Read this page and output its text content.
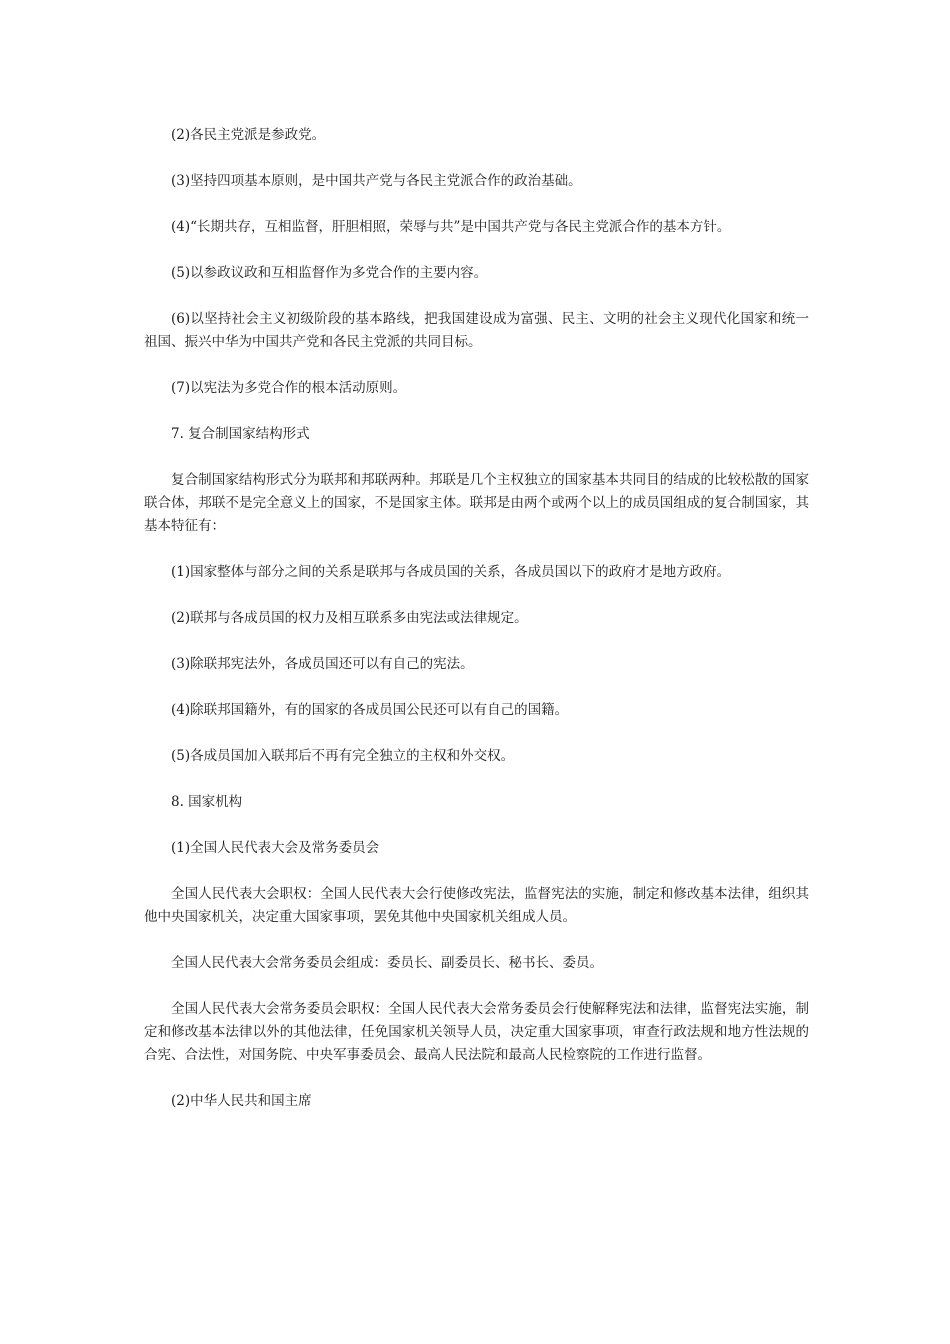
(2)各民主党派是参政党。

(3)坚持四项基本原则，是中国共产党与各民主党派合作的政治基础。

(4)“长期共存，互相监督，肝胆相照，荣辱与共”是中国共产党与各民主党派合作的基本方针。

(5)以参政议政和互相监督作为多党合作的主要内容。

(6)以坚持社会主义初级阶段的基本路线，把我国建设成为富强、民主、文明的社会主义现代化国家和统一祖国、振兴中华为中国共产党和各民主党派的共同目标。

(7)以宪法为多党合作的根本活动原则。

7. 复合制国家结构形式

复合制国家结构形式分为联邦和邦联两种。邦联是几个主权独立的国家基本共同目的结成的比较松散的国家联合体，邦联不是完全意义上的国家，不是国家主体。联邦是由两个或两个以上的成员国组成的复合制国家，其基本特征有：

(1)国家整体与部分之间的关系是联邦与各成员国的关系，各成员国以下的政府才是地方政府。

(2)联邦与各成员国的权力及相互联系多由宪法或法律规定。

(3)除联邦宪法外，各成员国还可以有自己的宪法。

(4)除联邦国籍外，有的国家的各成员国公民还可以有自己的国籍。

(5)各成员国加入联邦后不再有完全独立的主权和外交权。

8. 国家机构

(1)全国人民代表大会及常务委员会

全国人民代表大会职权：全国人民代表大会行使修改宪法，监督宪法的实施，制定和修改基本法律，组织其他中央国家机关，决定重大国家事项，罢免其他中央国家机关组成人员。

全国人民代表大会常务委员会组成：委员长、副委员长、秘书长、委员。

全国人民代表大会常务委员会职权：全国人民代表大会常务委员会行使解释宪法和法律，监督宪法实施，制定和修改基本法律以外的其他法律，任免国家机关领导人员，决定重大国家事项，审查行政法规和地方性法规的合宪、合法性，对国务院、中央军事委员会、最高人民法院和最高人民检察院的工作进行监督。

(2)中华人民共和国主席
